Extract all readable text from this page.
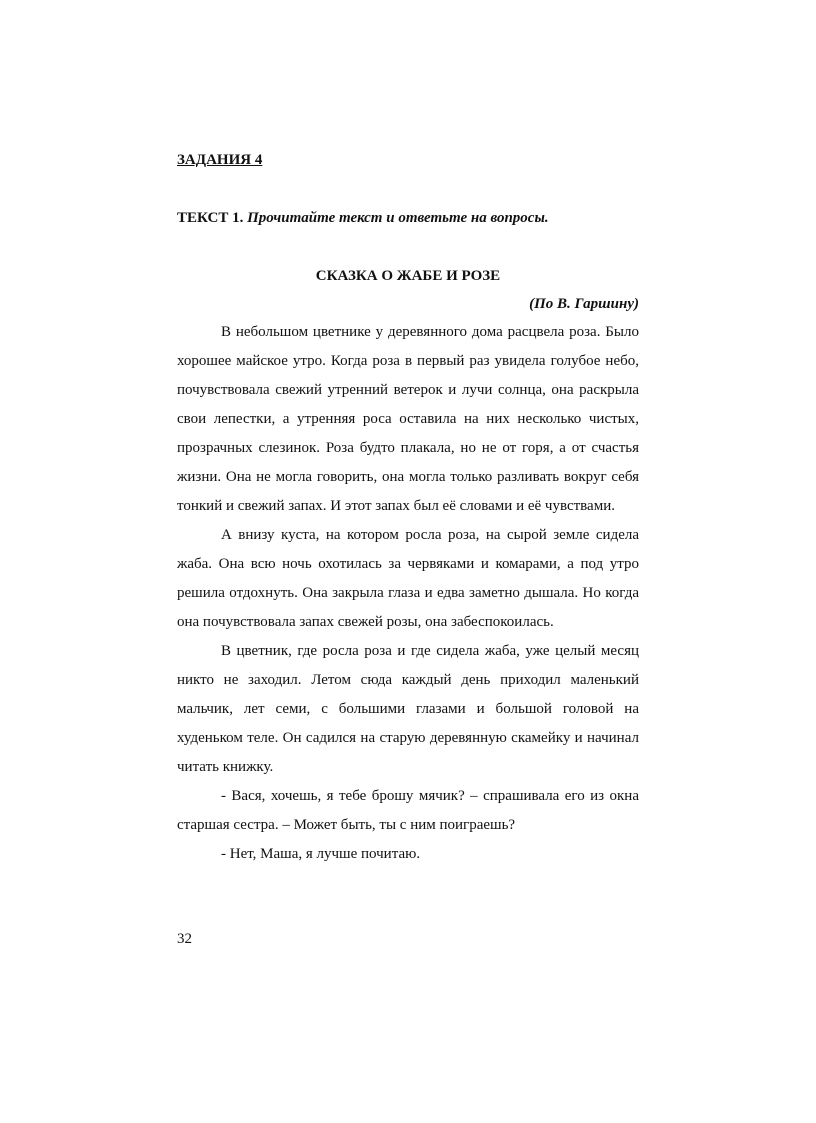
ЗАДАНИЯ 4
ТЕКСТ 1. Прочитайте текст и ответьте на вопросы.
СКАЗКА О ЖАБЕ И РОЗЕ
(По В. Гаршину)

В небольшом цветнике у деревянного дома расцвела роза. Было хорошее майское утро. Когда роза в первый раз увидела голубое небо, почувствовала свежий утренний ветерок и лучи солнца, она раскрыла свои лепестки, а утренняя роса оставила на них несколько чистых, прозрачных слезинок. Роза будто плакала, но не от горя, а от счастья жизни. Она не могла говорить, она могла только разливать вокруг себя тонкий и свежий запах. И этот запах был её словами и её чувствами.

А внизу куста, на котором росла роза, на сырой земле сидела жаба. Она всю ночь охотилась за червяками и комарами, а под утро решила отдохнуть. Она закрыла глаза и едва заметно дышала. Но когда она почувствовала запах свежей розы, она забеспокоилась.

В цветник, где росла роза и где сидела жаба, уже целый месяц никто не заходил. Летом сюда каждый день приходил маленький мальчик, лет семи, с большими глазами и большой головой на худеньком теле. Он садился на старую деревянную скамейку и начинал читать книжку.

- Вася, хочешь, я тебе брошу мячик? – спрашивала его из окна старшая сестра. – Может быть, ты с ним поиграешь?

- Нет, Маша, я лучше почитаю.

32
